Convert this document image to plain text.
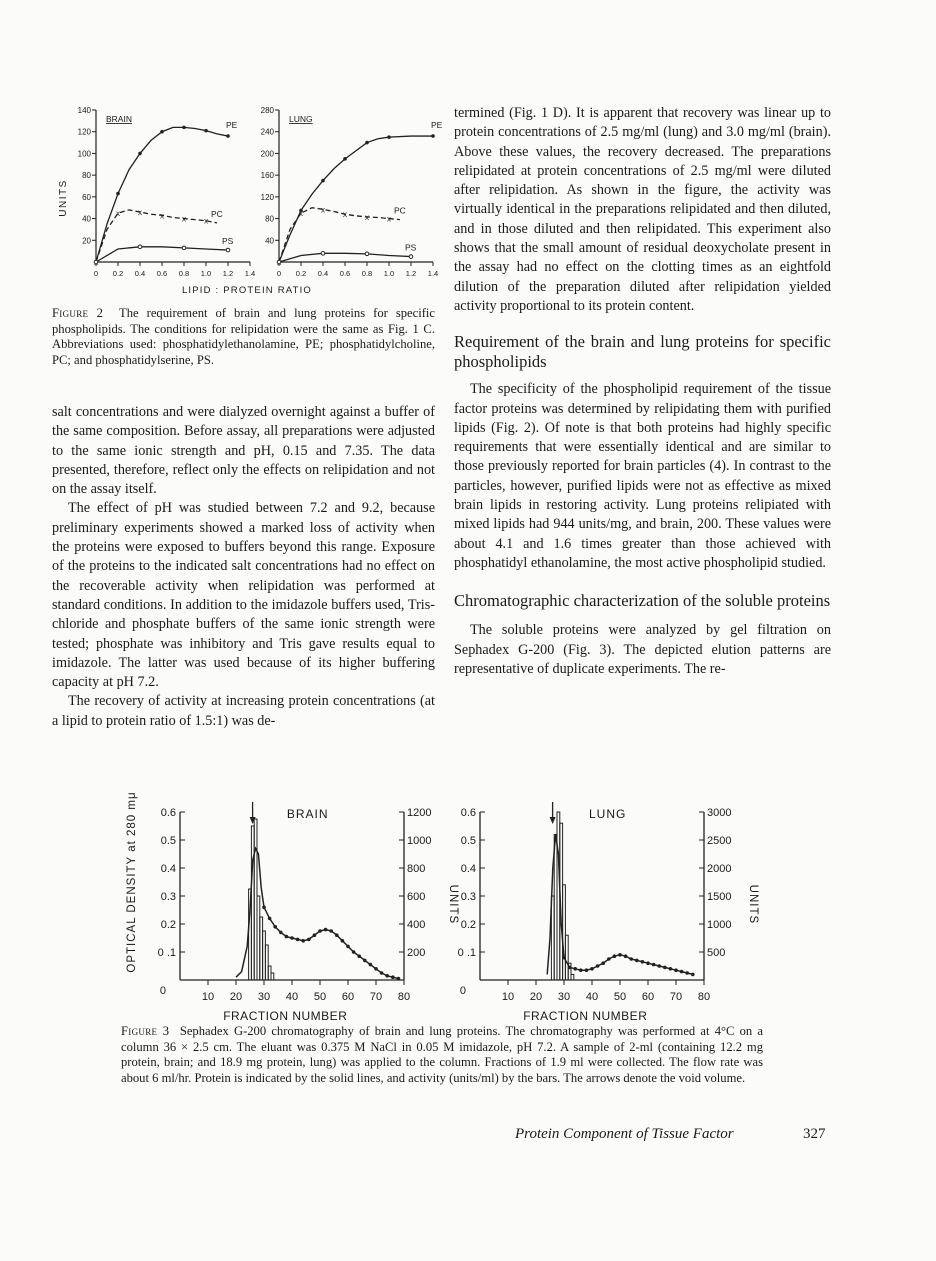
20
40
60
80
100
120
140
0 0.2 0.4 0.6 0.8 1.0 1.2 1.4
BRAIN
PE
x x x x x
PC
PS	40
80
120
160
200
240
280
0 0.2 0.4 0.6 0.8 1.0 1.2 1.4
LUNG
PE
x x
x x x
PC
PS
UNITS
LIPID : PROTEIN RATIO
Figure 2 The requirement of brain and lung proteins for specific phospholipids. The conditions for relipidation were the same as Fig. 1 C. Abbreviations used: phosphatidylethanolamine, PE; phosphatidylcholine, PC; and phosphatidylserine, PS.

salt concentrations and were dialyzed overnight against a buffer of the same composition. Before assay, all preparations were adjusted to the same ionic strength and pH, 0.15 and 7.35. The data presented, therefore, reflect only the effects on relipidation and not on the assay itself.

The effect of pH was studied between 7.2 and 9.2, because preliminary experiments showed a marked loss of activity when the proteins were exposed to buffers beyond this range. Exposure of the proteins to the indicated salt concentrations had no effect on the recoverable activity when relipidation was performed at standard conditions. In addition to the imidazole buffers used, Tris-chloride and phosphate buffers of the same ionic strength were tested; phosphate was inhibitory and Tris gave results equal to imidazole. The latter was used because of its higher buffering capacity at pH 7.2.

The recovery of activity at increasing protein concentrations (at a lipid to protein ratio of 1.5:1) was de-

termined (Fig. 1 D). It is apparent that recovery was linear up to protein concentrations of 2.5 mg/ml (lung) and 3.0 mg/ml (brain). Above these values, the recovery decreased. The preparations relipidated at protein concentrations of 2.5 mg/ml were diluted after relipidation. As shown in the figure, the activity was virtually identical in the preparations relipidated and then diluted, and in those diluted and then relipidated. This experiment also shows that the small amount of residual deoxycholate present in the assay had no effect on the clotting times as an eightfold dilution of the preparation diluted after relipidation yielded activity proportional to its protein content.

Requirement of the brain and lung proteins for specific phospholipids

The specificity of the phospholipid requirement of the tissue factor proteins was determined by relipidating them with purified lipids (Fig. 2). Of note is that both proteins had highly specific requirements that were essentially identical and are similar to those previously reported for brain particles (4). In contrast to the particles, however, purified lipids were not as effective as mixed brain lipids in restoring activity. Lung proteins relipiated with mixed lipids had 944 units/mg, and brain, 200. These values were about 4.1 and 1.6 times greater than those achieved with phosphatidyl ethanolamine, the most active phospholipid studied.

Chromatographic characterization of the soluble proteins

The soluble proteins were analyzed by gel filtration on Sephadex G-200 (Fig. 3). The depicted elution patterns are representative of duplicate experiments. The re-

OPTICAL DENSITY at 280 mμ 0.6
0.5
0.4
0.3
0.2
0 .1
0
200
400
600
800
1000
1200
10 20 30 40 50 60 70 80
BRAIN
FRACTION NUMBER
UNITS
0.6
0.5
0.4
0.3
0.2
0 .1
0
500
1000
1500
2000
2500
3000
10 20 30 40 50 60 70 80
LUNG
FRACTION NUMBER
UNITS
Figure 3 Sephadex G-200 chromatography of brain and lung proteins. The chromatography was performed at 4°C on a column 36 × 2.5 cm. The eluant was 0.375 M NaCl in 0.05 M imidazole, pH 7.2. A sample of 2-ml (containing 12.2 mg protein, brain; and 18.9 mg protein, lung) was applied to the column. Fractions of 1.9 ml were collected. The flow rate was about 6 ml/hr. Protein is indicated by the solid lines, and activity (units/ml) by the bars. The arrows denote the void volume.
Protein Component of Tissue Factor	327
